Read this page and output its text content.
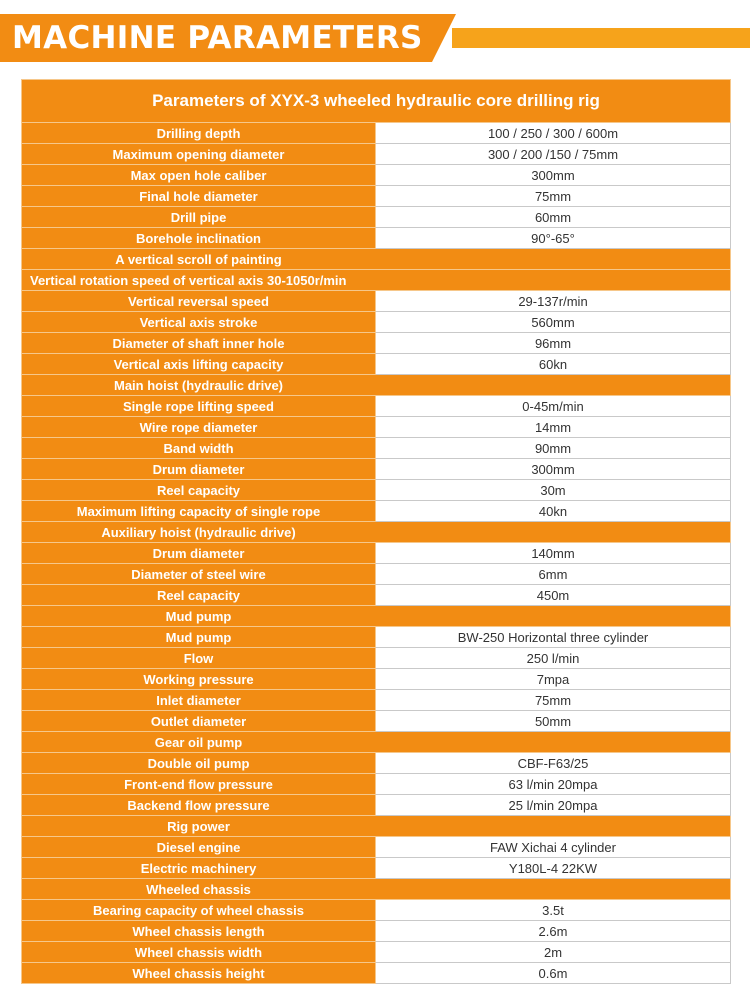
MACHINE PARAMETERS
Parameters of XYX-3 wheeled hydraulic core drilling rig	
Drilling depth	100 / 250 / 300 / 600m
Maximum opening diameter	300 / 200 /150 / 75mm
Max open hole caliber	300mm
Final hole diameter	75mm
Drill pipe	60mm
Borehole inclination	90°-65°
A vertical scroll of painting	
Vertical rotation speed of vertical axis 30-1050r/min	
Vertical reversal speed	29-137r/min
Vertical axis stroke	560mm
Diameter of shaft inner hole	96mm
Vertical axis lifting capacity	60kn
Main hoist (hydraulic drive)	
Single rope lifting speed	0-45m/min
Wire rope diameter	14mm
Band width	90mm
Drum diameter	300mm
Reel capacity	30m
Maximum lifting capacity of single rope	40kn
Auxiliary hoist (hydraulic drive)	
Drum diameter	140mm
Diameter of steel wire	6mm
Reel capacity	450m
Mud pump	
Mud pump	BW-250 Horizontal three cylinder
Flow	250 l/min
Working pressure	7mpa
Inlet diameter	75mm
Outlet diameter	50mm
Gear oil pump	
Double oil pump	CBF-F63/25
Front-end flow pressure	63 l/min 20mpa
Backend flow pressure	25 l/min 20mpa
Rig power	
Diesel engine	FAW Xichai 4 cylinder
Electric machinery	Y180L-4 22KW
Wheeled chassis	
Bearing capacity of wheel chassis	3.5t
Wheel chassis length	2.6m
Wheel chassis width	2m
Wheel chassis height	0.6m
